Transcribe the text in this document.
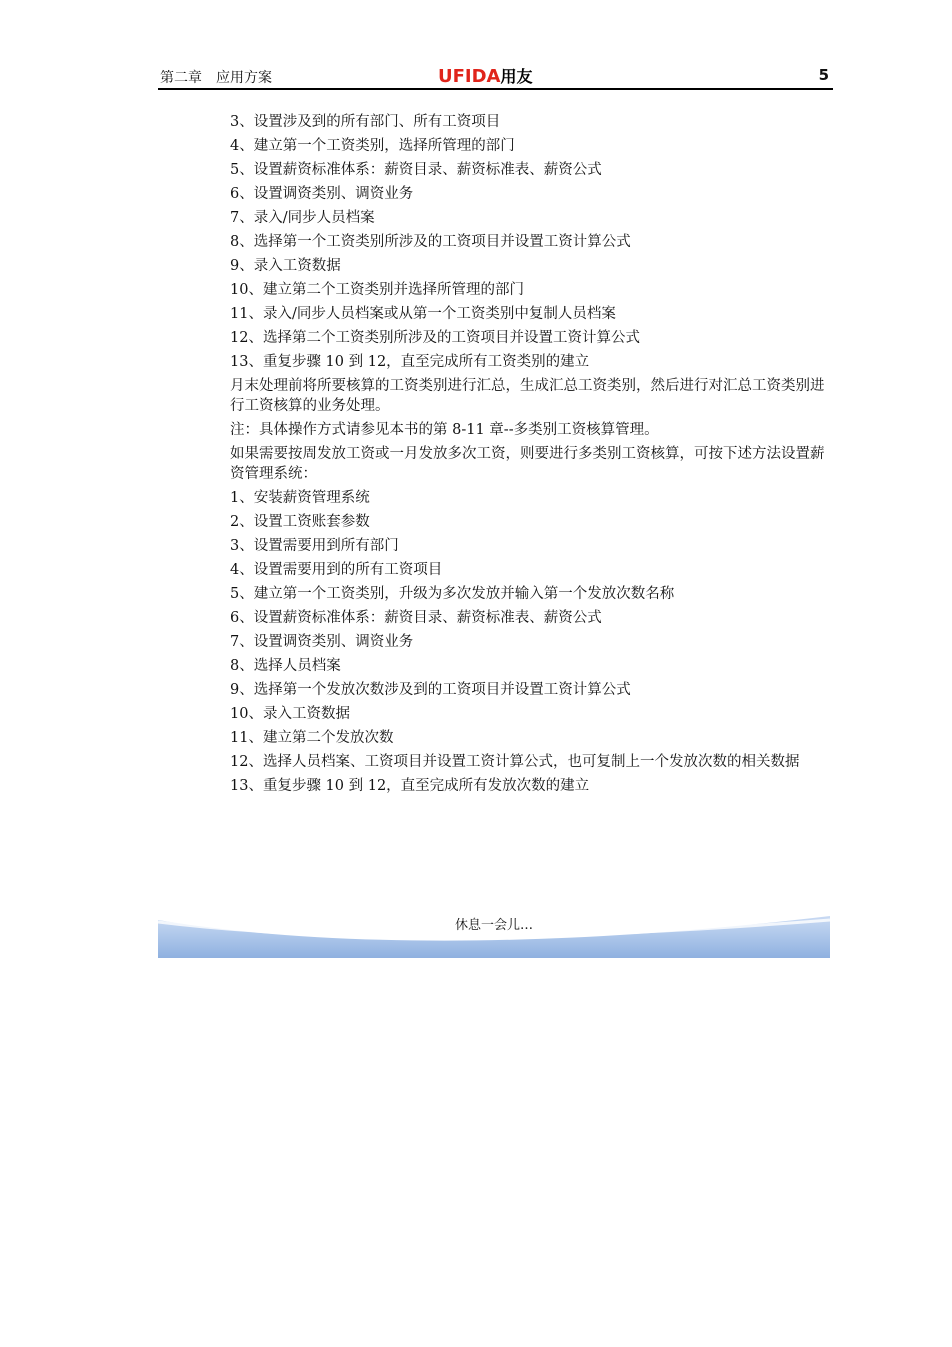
第二章　应用方案	UFIDA用友	5
3、设置涉及到的所有部门、所有工资项目
4、建立第一个工资类别，选择所管理的部门
5、设置薪资标准体系：薪资目录、薪资标准表、薪资公式
6、设置调资类别、调资业务
7、录入/同步人员档案
8、选择第一个工资类别所涉及的工资项目并设置工资计算公式
9、录入工资数据
10、建立第二个工资类别并选择所管理的部门
11、录入/同步人员档案或从第一个工资类别中复制人员档案
12、选择第二个工资类别所涉及的工资项目并设置工资计算公式
13、重复步骤 10 到 12，直至完成所有工资类别的建立
月末处理前将所要核算的工资类别进行汇总，生成汇总工资类别，然后进行对汇总工资类别进行工资核算的业务处理。
注：具体操作方式请参见本书的第 8-11 章--多类别工资核算管理。
如果需要按周发放工资或一月发放多次工资，则要进行多类别工资核算，可按下述方法设置薪资管理系统：
1、安装薪资管理系统
2、设置工资账套参数
3、设置需要用到所有部门
4、设置需要用到的所有工资项目
5、建立第一个工资类别，升级为多次发放并输入第一个发放次数名称
6、设置薪资标准体系：薪资目录、薪资标准表、薪资公式
7、设置调资类别、调资业务
8、选择人员档案
9、选择第一个发放次数涉及到的工资项目并设置工资计算公式
10、录入工资数据
11、建立第二个发放次数
12、选择人员档案、工资项目并设置工资计算公式，也可复制上一个发放次数的相关数据
13、重复步骤 10 到 12，直至完成所有发放次数的建立
休息一会儿…
